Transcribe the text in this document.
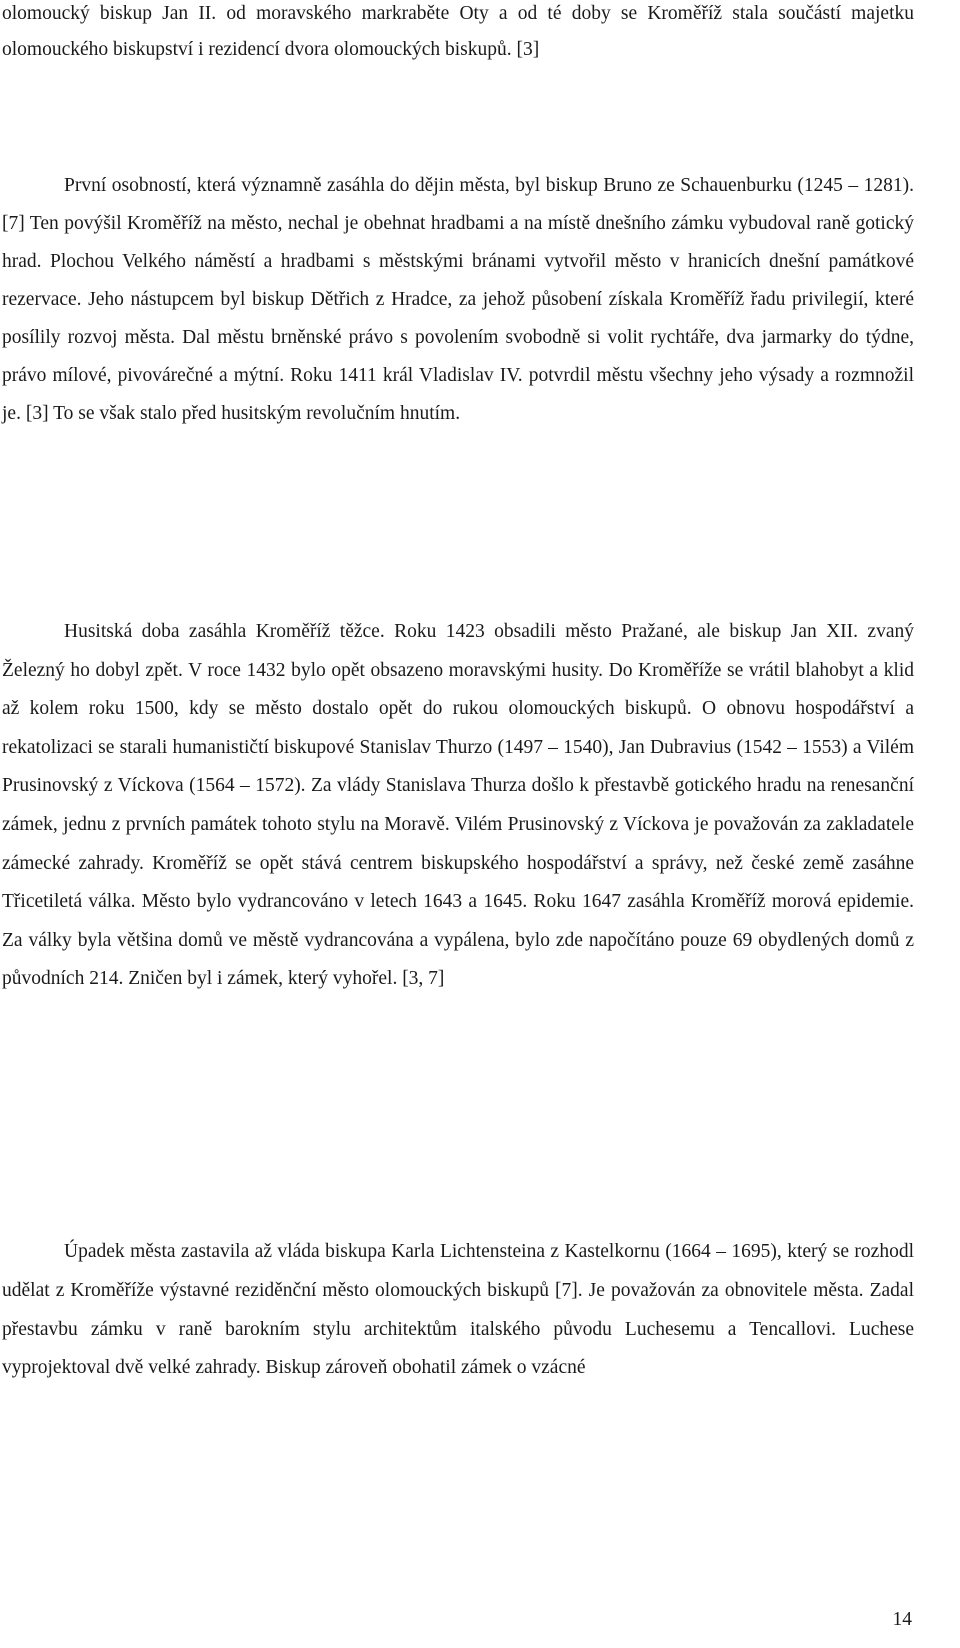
olomoucký biskup Jan II. od moravského markraběte Oty a od té doby se Kroměříž stala součástí majetku olomouckého biskupství i rezidencí dvora olomouckých biskupů. [3]

První osobností, která významně zasáhla do dějin města, byl biskup Bruno ze Schauenburku (1245 – 1281). [7] Ten povýšil Kroměříž na město, nechal je obehnat hradbami a na místě dnešního zámku vybudoval raně gotický hrad. Plochou Velkého náměstí a hradbami s městskými bránami vytvořil město v hranicích dnešní památkové rezervace. Jeho nástupcem byl biskup Dětřich z Hradce, za jehož působení získala Kroměříž řadu privilegií, které posílily rozvoj města. Dal městu brněnské právo s povolením svobodně si volit rychtáře, dva jarmarky do týdne, právo mílové, pivovárečné a mýtní. Roku 1411 král Vladislav IV. potvrdil městu všechny jeho výsady a rozmnožil je. [3] To se však stalo před husitským revolučním hnutím.

Husitská doba zasáhla Kroměříž těžce. Roku 1423 obsadili město Pražané, ale biskup Jan XII. zvaný Železný ho dobyl zpět. V roce 1432 bylo opět obsazeno moravskými husity. Do Kroměříže se vrátil blahobyt a klid až kolem roku 1500, kdy se město dostalo opět do rukou olomouckých biskupů. O obnovu hospodářství a rekatolizaci se starali humanističtí biskupové Stanislav Thurzo (1497 – 1540), Jan Dubravius (1542 – 1553) a Vilém Prusinovský z Víckova (1564 – 1572). Za vlády Stanislava Thurza došlo k přestavbě gotického hradu na renesanční zámek, jednu z prvních památek tohoto stylu na Moravě. Vilém Prusinovský z Víckova je považován za zakladatele zámecké zahrady. Kroměříž se opět stává centrem biskupského hospodářství a správy, než české země zasáhne Třicetiletá válka. Město bylo vydrancováno v letech 1643 a 1645. Roku 1647 zasáhla Kroměříž morová epidemie. Za války byla většina domů ve městě vydrancována a vypálena, bylo zde napočítáno pouze 69 obydlených domů z původních 214. Zničen byl i zámek, který vyhořel. [3, 7]

Úpadek města zastavila až vláda biskupa Karla Lichtensteina z Kastelkornu (1664 – 1695), který se rozhodl udělat z Kroměříže výstavné reziděnční město olomouckých biskupů [7]. Je považován za obnovitele města. Zadal přestavbu zámku v raně barokním stylu architektům italského původu Luchesemu a Tencallovi. Luchese vyprojektoval dvě velké zahrady. Biskup zároveň obohatil zámek o vzácné

14
